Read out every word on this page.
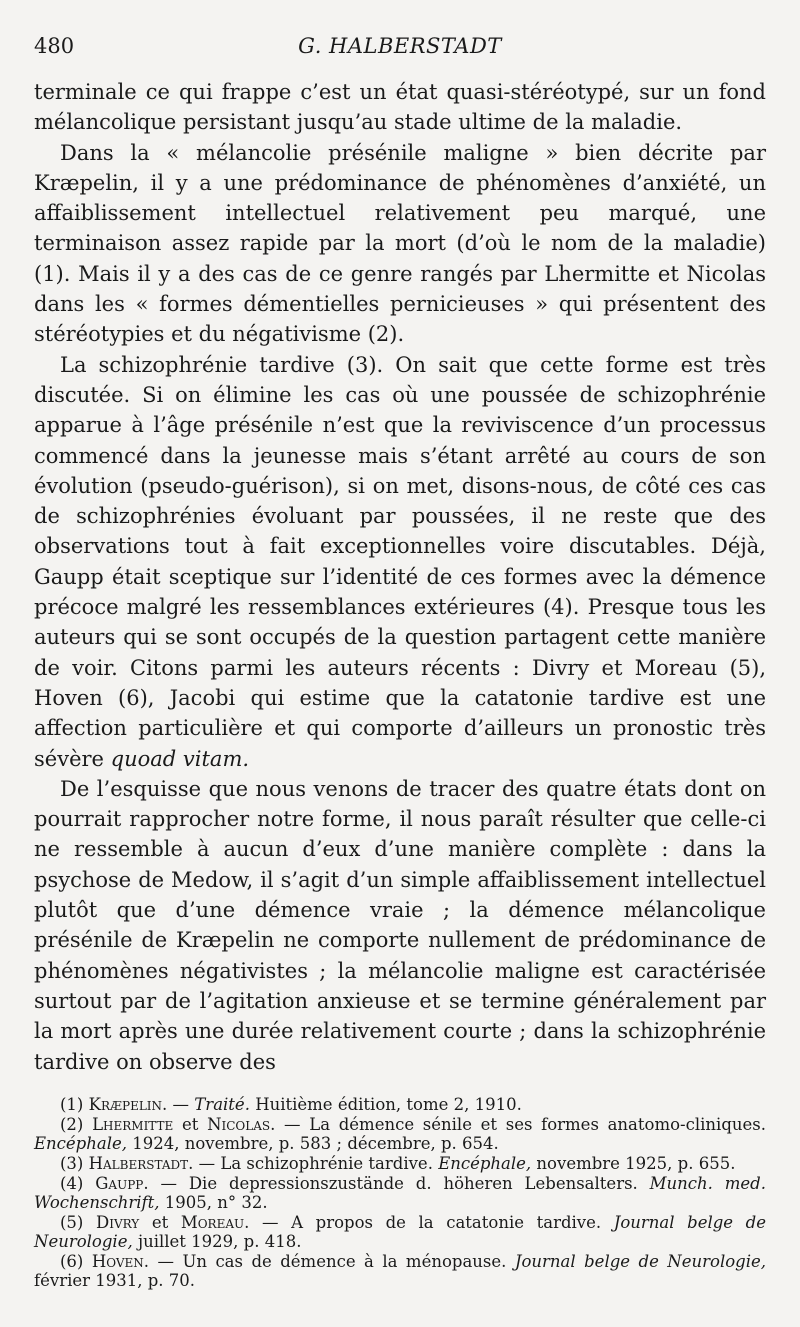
480	G. HALBERSTADT

terminale ce qui frappe c’est un état quasi-stéréotypé, sur un fond mélancolique persistant jusqu’au stade ultime de la maladie.

Dans la « mélancolie présénile maligne » bien décrite par Kræpelin, il y a une prédominance de phénomènes d’anxiété, un affaiblissement intellectuel relativement peu marqué, une terminaison assez rapide par la mort (d’où le nom de la maladie) (1). Mais il y a des cas de ce genre rangés par Lhermitte et Nicolas dans les « formes démentielles pernicieuses » qui présentent des stéréotypies et du négativisme (2).

La schizophrénie tardive (3). On sait que cette forme est très discutée. Si on élimine les cas où une poussée de schizophrénie apparue à l’âge présénile n’est que la reviviscence d’un processus commencé dans la jeunesse mais s’étant arrêté au cours de son évolution (pseudo-guérison), si on met, disons-nous, de côté ces cas de schizophrénies évoluant par poussées, il ne reste que des observations tout à fait exceptionnelles voire discutables. Déjà, Gaupp était sceptique sur l’identité de ces formes avec la démence précoce malgré les ressemblances extérieures (4). Presque tous les auteurs qui se sont occupés de la question partagent cette manière de voir. Citons parmi les auteurs récents : Divry et Moreau (5), Hoven (6), Jacobi qui estime que la catatonie tardive est une affection particulière et qui comporte d’ailleurs un pronostic très sévère quoad vitam.

De l’esquisse que nous venons de tracer des quatre états dont on pourrait rapprocher notre forme, il nous paraît résulter que celle-ci ne ressemble à aucun d’eux d’une manière complète : dans la psychose de Medow, il s’agit d’un simple affaiblissement intellectuel plutôt que d’une démence vraie ; la démence mélancolique présénile de Kræpelin ne comporte nullement de prédominance de phénomènes négativistes ; la mélancolie maligne est caractérisée surtout par de l’agitation anxieuse et se termine généralement par la mort après une durée relativement courte ; dans la schizophrénie tardive on observe des

(1) Kræpelin. — Traité. Huitième édition, tome 2, 1910.
(2) Lhermitte et Nicolas. — La démence sénile et ses formes anatomo-cliniques. Encéphale, 1924, novembre, p. 583 ; décembre, p. 654.
(3) Halberstadt. — La schizophrénie tardive. Encéphale, novembre 1925, p. 655.
(4) Gaupp. — Die depressionszustände d. höheren Lebensalters. Munch. med. Wochenschrift, 1905, n° 32.
(5) Divry et Moreau. — A propos de la catatonie tardive. Journal belge de Neurologie, juillet 1929, p. 418.
(6) Hoven. — Un cas de démence à la ménopause. Journal belge de Neurologie, février 1931, p. 70.
